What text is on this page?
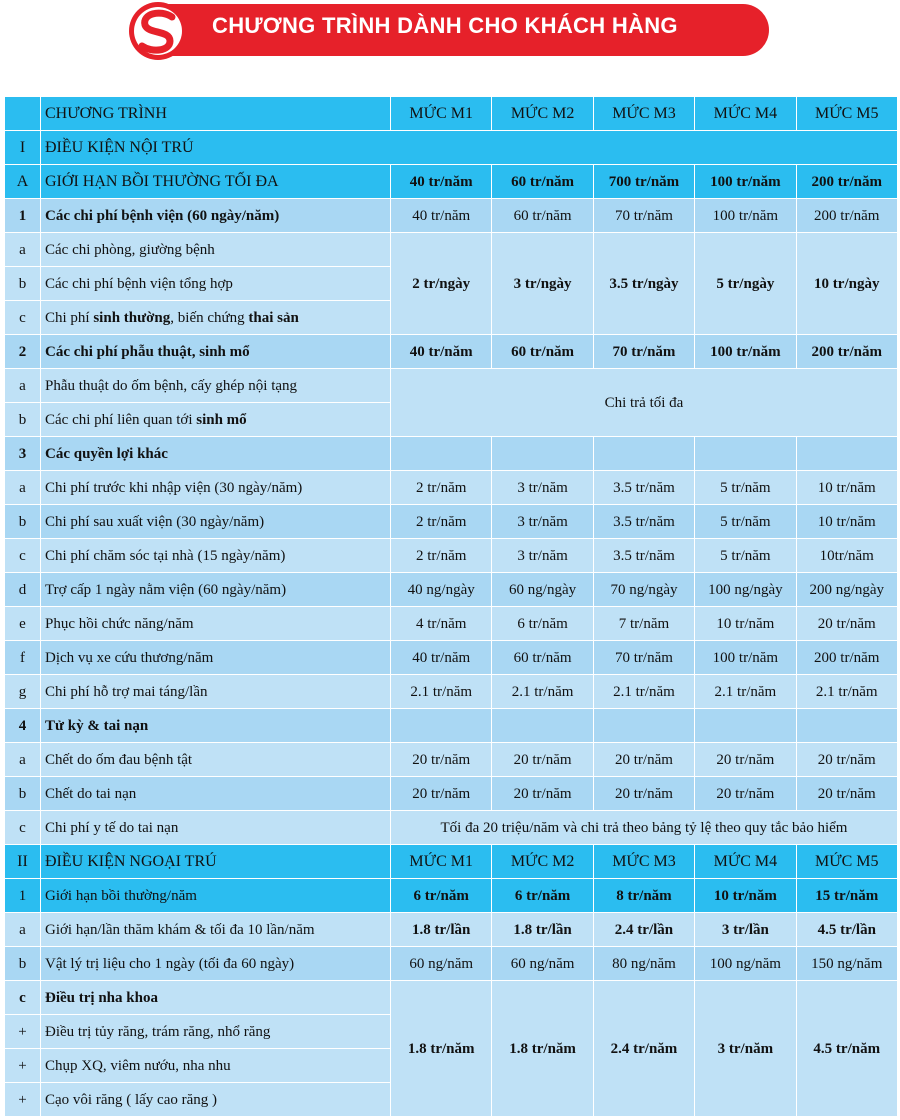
CHƯƠNG TRÌNH DÀNH CHO KHÁCH HÀNG
	CHƯƠNG TRÌNH	MỨC M1	MỨC M2	MỨC M3	MỨC M4	MỨC M5
I	ĐIỀU KIỆN NỘI TRÚ					
A	GIỚI HẠN BỒI THƯỜNG TỐI ĐA	40 tr/năm	60 tr/năm	700 tr/năm	100 tr/năm	200 tr/năm
1	Các chi phí bệnh viện (60 ngày/năm)	40 tr/năm	60 tr/năm	70 tr/năm	100 tr/năm	200 tr/năm
a	Các chi phòng, giường bệnh	2 tr/ngày	3 tr/ngày	3.5 tr/ngày	5 tr/ngày	10 tr/ngày
b	Các chi phí bệnh viện tổng hợp					
c	Chi phí sinh thường, biến chứng thai sản					
2	Các chi phí phẫu thuật, sinh mổ	40 tr/năm	60 tr/năm	70 tr/năm	100 tr/năm	200 tr/năm
a	Phẫu thuật do ốm bệnh, cấy ghép nội tạng	Chi trả tối đa				
b	Các chi phí liên quan tới sinh mổ					
3	Các quyền lợi khác					
a	Chi phí trước khi nhập viện (30 ngày/năm)	2 tr/năm	3 tr/năm	3.5 tr/năm	5 tr/năm	10 tr/năm
b	Chi phí sau xuất viện (30 ngày/năm)	2 tr/năm	3 tr/năm	3.5 tr/năm	5 tr/năm	10 tr/năm
c	Chi phí chăm sóc tại nhà (15 ngày/năm)	2 tr/năm	3 tr/năm	3.5 tr/năm	5 tr/năm	10tr/năm
d	Trợ cấp 1 ngày nằm viện (60 ngày/năm)	40 ng/ngày	60 ng/ngày	70 ng/ngày	100 ng/ngày	200 ng/ngày
e	Phục hồi chức năng/năm	4 tr/năm	6 tr/năm	7 tr/năm	10 tr/năm	20 tr/năm
f	Dịch vụ xe cứu thương/năm	40 tr/năm	60 tr/năm	70 tr/năm	100 tr/năm	200 tr/năm
g	Chi phí hỗ trợ mai táng/lần	2.1 tr/năm	2.1 tr/năm	2.1 tr/năm	2.1 tr/năm	2.1 tr/năm
4	Tử kỳ & tai nạn					
a	Chết do ốm đau bệnh tật	20 tr/năm	20 tr/năm	20 tr/năm	20 tr/năm	20 tr/năm
b	Chết do tai nạn	20 tr/năm	20 tr/năm	20 tr/năm	20 tr/năm	20 tr/năm
c	Chi phí y tế do tai nạn	Tối đa 20 triệu/năm và chi trả theo bảng tỷ lệ theo quy tắc bảo hiểm				
II	ĐIỀU KIỆN NGOẠI TRÚ	MỨC M1	MỨC M2	MỨC M3	MỨC M4	MỨC M5
1	Giới hạn bồi thường/năm	6 tr/năm	6 tr/năm	8 tr/năm	10 tr/năm	15 tr/năm
a	Giới hạn/lần thăm khám & tối đa 10 lần/năm	1.8 tr/lần	1.8 tr/lần	2.4 tr/lần	3 tr/lần	4.5 tr/lần
b	Vật lý trị liệu cho 1 ngày (tối đa 60 ngày)	60 ng/năm	60 ng/năm	80 ng/năm	100 ng/năm	150 ng/năm
c	Điều trị nha khoa	1.8 tr/năm	1.8 tr/năm	2.4 tr/năm	3 tr/năm	4.5 tr/năm
+	Điều trị tủy răng, trám răng, nhổ răng					
+	Chụp XQ, viêm nướu, nha nhu					
+	Cạo vôi răng ( lấy cao răng )					
